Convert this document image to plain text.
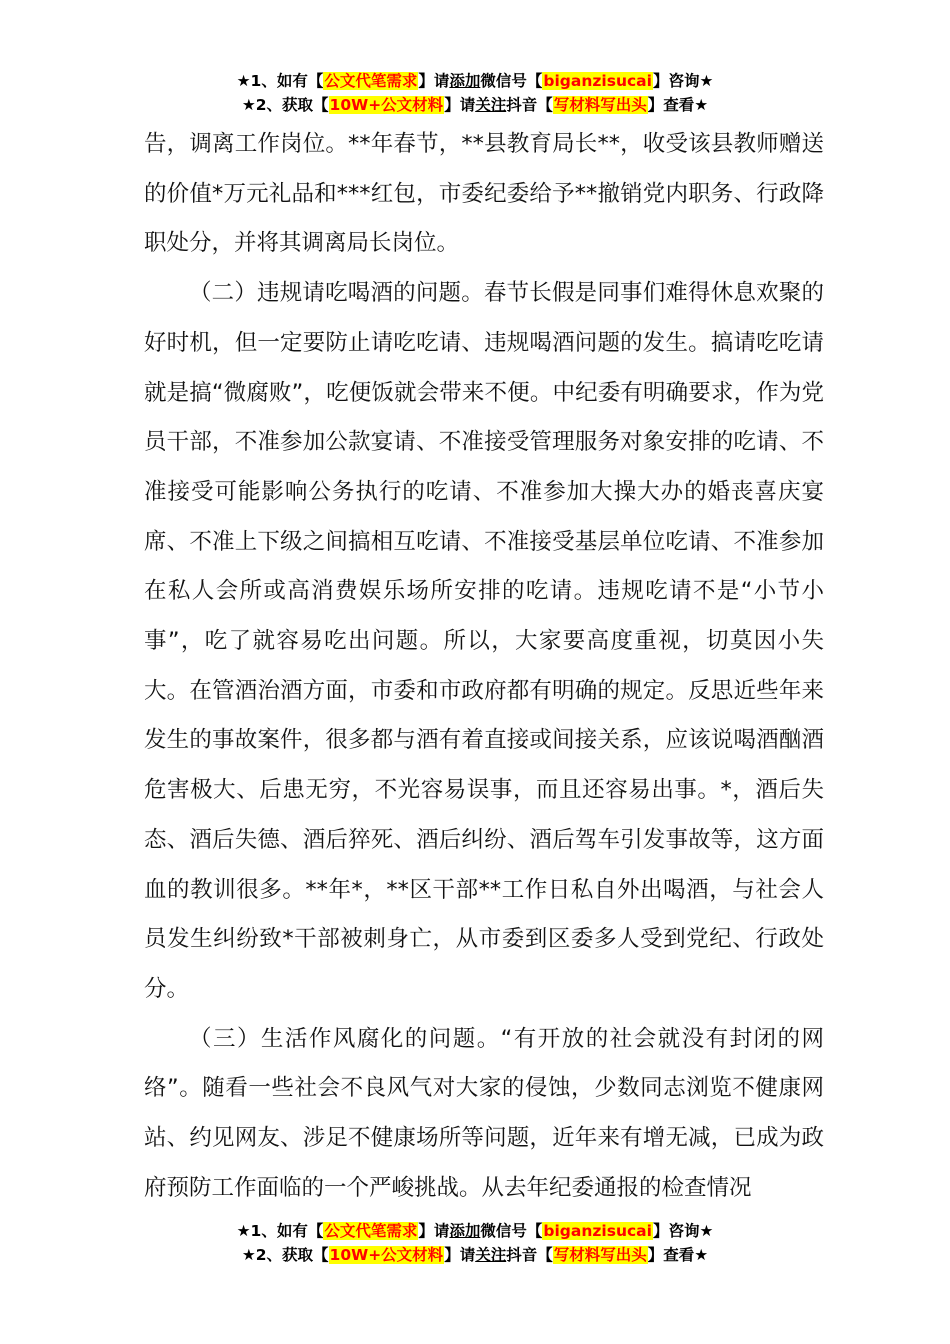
★1、如有【公文代笔需求】请添加微信号【biganzisucai】咨询★
★2、获取【10W+公文材料】请关注抖音【写材料写出头】查看★

告，调离工作岗位。**年春节，**县教育局长**，收受该县教师赠送的价值*万元礼品和***红包，市委纪委给予**撤销党内职务、行政降职处分，并将其调离局长岗位。

（二）违规请吃喝酒的问题。春节长假是同事们难得休息欢聚的好时机，但一定要防止请吃吃请、违规喝酒问题的发生。搞请吃吃请就是搞“微腐败”，吃便饭就会带来不便。中纪委有明确要求，作为党员干部，不准参加公款宴请、不准接受管理服务对象安排的吃请、不准接受可能影响公务执行的吃请、不准参加大操大办的婚丧喜庆宴席、不准上下级之间搞相互吃请、不准接受基层单位吃请、不准参加在私人会所或高消费娱乐场所安排的吃请。违规吃请不是“小节小事”，吃了就容易吃出问题。所以，大家要高度重视，切莫因小失大。在管酒治酒方面，市委和市政府都有明确的规定。反思近些年来发生的事故案件，很多都与酒有着直接或间接关系，应该说喝酒酗酒危害极大、后患无穷，不光容易误事，而且还容易出事。*，酒后失态、酒后失德、酒后猝死、酒后纠纷、酒后驾车引发事故等，这方面血的教训很多。**年*，**区干部**工作日私自外出喝酒，与社会人员发生纠纷致*干部被刺身亡，从市委到区委多人受到党纪、行政处分。

（三）生活作风腐化的问题。“有开放的社会就没有封闭的网络”。随看一些社会不良风气对大家的侵蚀，少数同志浏览不健康网站、约见网友、涉足不健康场所等问题，近年来有增无减，已成为政府预防工作面临的一个严峻挑战。从去年纪委通报的检查情况

★1、如有【公文代笔需求】请添加微信号【biganzisucai】咨询★
★2、获取【10W+公文材料】请关注抖音【写材料写出头】查看★
